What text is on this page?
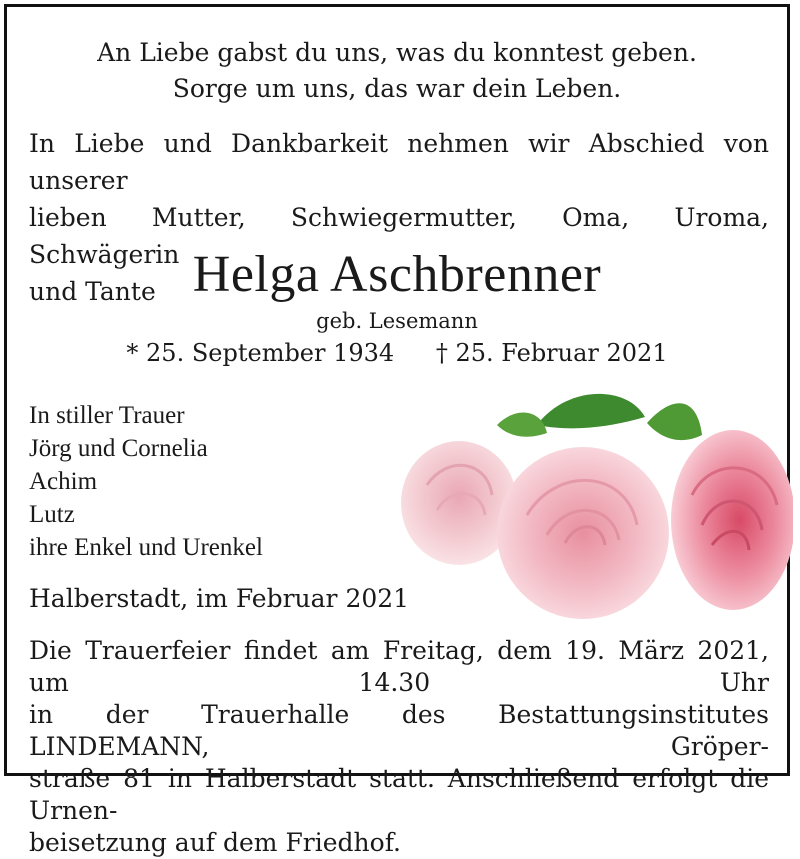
An Liebe gabst du uns, was du konntest geben.
Sorge um uns, das war dein Leben.
In Liebe und Dankbarkeit nehmen wir Abschied von unserer
lieben Mutter, Schwiegermutter, Oma, Uroma, Schwägerin
und Tante Helga Aschbrenner
geb. Lesemann
* 25. September 1934 † 25. Februar 2021
In stiller Trauer
Jörg und Cornelia
Achim
Lutz
ihre Enkel und Urenkel
Halberstadt, im Februar 2021
Die Trauerfeier findet am Freitag, dem 19. März 2021, um 14.30 Uhr
in der Trauerhalle des Bestattungsinstitutes LINDEMANN, Gröper-
straße 81 in Halberstadt statt. Anschließend erfolgt die Urnen-
beisetzung auf dem Friedhof.
